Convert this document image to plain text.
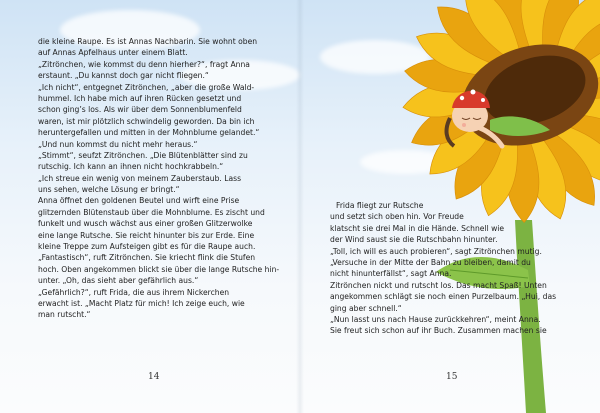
die kleine Raupe. Es ist Annas Nachbarin. Sie wohnt oben
auf Annas Apfelhaus unter einem Blatt.
„Zitrönchen, wie kommst du denn hierher?“, fragt Anna
erstaunt. „Du kannst doch gar nicht fliegen.“
„Ich nicht“, entgegnet Zitrönchen, „aber die große Wald-
hummel. Ich habe mich auf ihren Rücken gesetzt und
schon ging’s los. Als wir über dem Sonnenblumenfeld
waren, ist mir plötzlich schwindelig geworden. Da bin ich
heruntergefallen und mitten in der Mohnblume gelandet.“
„Und nun kommst du nicht mehr heraus.“
„Stimmt“, seufzt Zitrönchen. „Die Blütenblätter sind zu
rutschig. Ich kann an ihnen nicht hochkrabbeln.“
„Ich streue ein wenig von meinem Zauberstaub. Lass
uns sehen, welche Lösung er bringt.“
Anna öffnet den goldenen Beutel und wirft eine Prise
glitzernden Blütenstaub über die Mohnblume. Es zischt und
funkelt und wusch wächst aus einer großen Glitzerwolke
eine lange Rutsche. Sie reicht hinunter bis zur Erde. Eine
kleine Treppe zum Aufsteigen gibt es für die Raupe auch.
„Fantastisch“, ruft Zitrönchen. Sie kriecht flink die Stufen
hoch. Oben angekommen blickt sie über die lange Rutsche hin-
unter. „Oh, das sieht aber gefährlich aus.“
„Gefährlich?“, ruft Frida, die aus ihrem Nickerchen
erwacht ist. „Macht Platz für mich! Ich zeige euch, wie
man rutscht.“
14
Frida fliegt zur Rutsche
und setzt sich oben hin. Vor Freude
klatscht sie drei Mal in die Hände. Schnell wie
der Wind saust sie die Rutschbahn hinunter.
„Toll, ich will es auch probieren“, sagt Zitrönchen mutig.
„Versuche in der Mitte der Bahn zu bleiben, damit du
nicht hinunterfällst“, sagt Anna.
Zitrönchen nickt und rutscht los. Das macht Spaß! Unten
angekommen schlägt sie noch einen Purzelbaum. „Hui, das
ging aber schnell.“
„Nun lasst uns nach Hause zurückkehren“, meint Anna.
Sie freut sich schon auf ihr Buch. Zusammen machen sie
15
